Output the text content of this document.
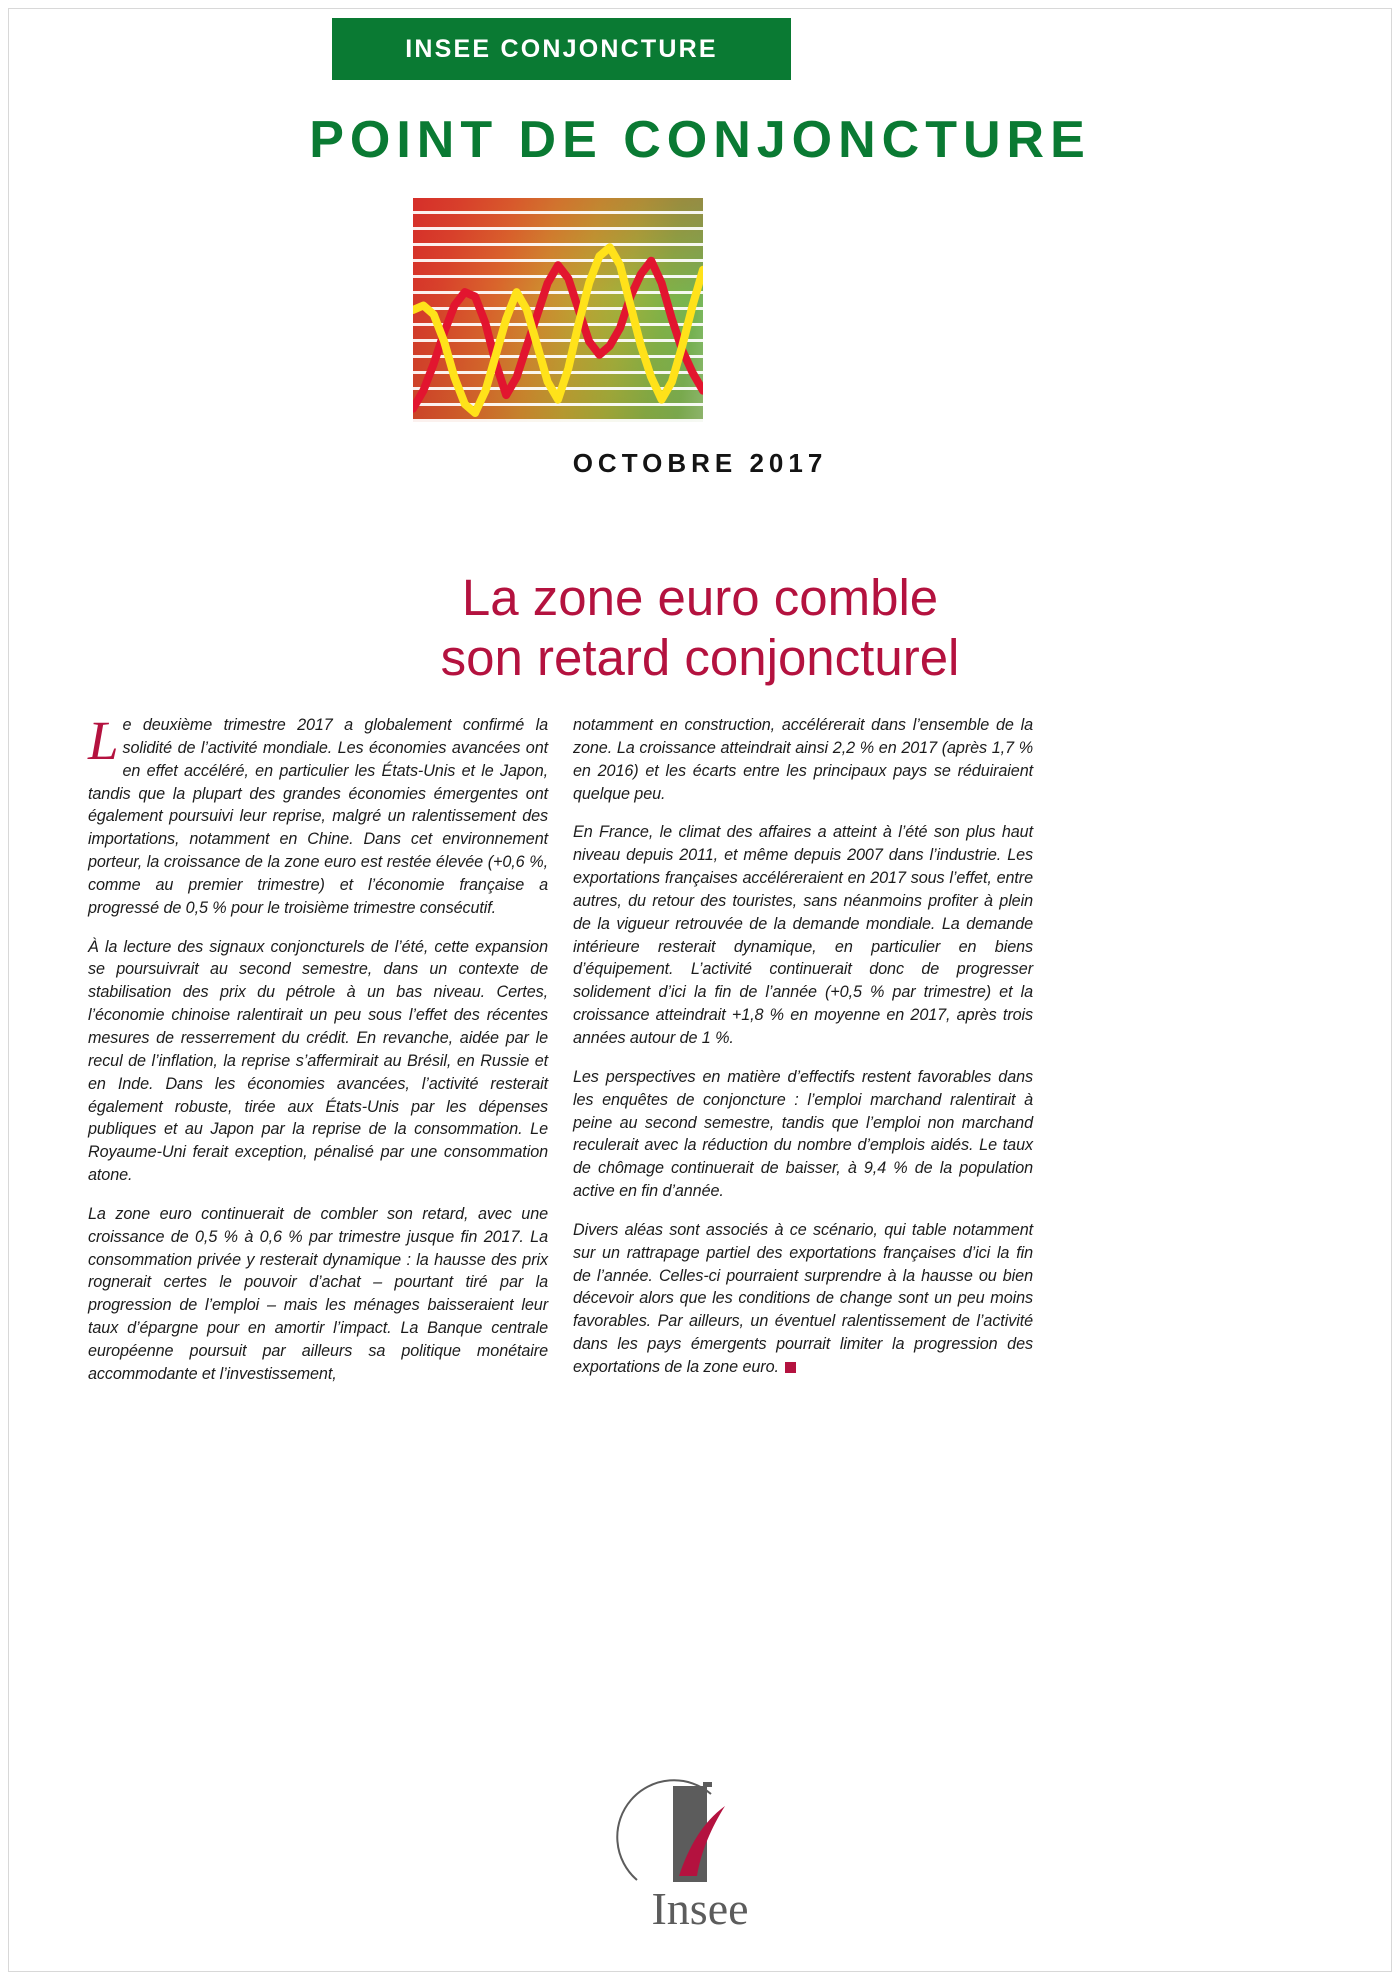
INSEE CONJONCTURE
POINT DE CONJONCTURE
OCTOBRE 2017
La zone euro comble
son retard conjoncturel

Le deuxième trimestre 2017 a globalement confirmé la solidité de l’activité mondiale. Les économies avancées ont en effet accéléré, en particulier les États-Unis et le Japon, tandis que la plupart des grandes économies émergentes ont également poursuivi leur reprise, malgré un ralentissement des importations, notamment en Chine. Dans cet environnement porteur, la croissance de la zone euro est restée élevée (+0,6 %, comme au premier trimestre) et l’économie française a progressé de 0,5 % pour le troisième trimestre consécutif.

À la lecture des signaux conjoncturels de l’été, cette expansion se poursuivrait au second semestre, dans un contexte de stabilisation des prix du pétrole à un bas niveau. Certes, l’économie chinoise ralentirait un peu sous l’effet des récentes mesures de resserrement du crédit. En revanche, aidée par le recul de l’inflation, la reprise s’affermirait au Brésil, en Russie et en Inde. Dans les économies avancées, l’activité resterait également robuste, tirée aux États-Unis par les dépenses publiques et au Japon par la reprise de la consommation. Le Royaume-Uni ferait exception, pénalisé par une consommation atone.

La zone euro continuerait de combler son retard, avec une croissance de 0,5 % à 0,6 % par trimestre jusque fin 2017. La consommation privée y resterait dynamique : la hausse des prix rognerait certes le pouvoir d’achat – pourtant tiré par la progression de l’emploi – mais les ménages baisseraient leur taux d’épargne pour en amortir l’impact. La Banque centrale européenne poursuit par ailleurs sa politique monétaire accommodante et l’investissement,

notamment en construction, accélérerait dans l’ensemble de la zone. La croissance atteindrait ainsi 2,2 % en 2017 (après 1,7 % en 2016) et les écarts entre les principaux pays se réduiraient quelque peu.

En France, le climat des affaires a atteint à l’été son plus haut niveau depuis 2011, et même depuis 2007 dans l’industrie. Les exportations françaises accéléreraient en 2017 sous l’effet, entre autres, du retour des touristes, sans néanmoins profiter à plein de la vigueur retrouvée de la demande mondiale. La demande intérieure resterait dynamique, en particulier en biens d’équipement. L’activité continuerait donc de progresser solidement d’ici la fin de l’année (+0,5 % par trimestre) et la croissance atteindrait +1,8 % en moyenne en 2017, après trois années autour de 1 %.

Les perspectives en matière d’effectifs restent favorables dans les enquêtes de conjoncture : l’emploi marchand ralentirait à peine au second semestre, tandis que l’emploi non marchand reculerait avec la réduction du nombre d’emplois aidés. Le taux de chômage continuerait de baisser, à 9,4 % de la population active en fin d’année.

Divers aléas sont associés à ce scénario, qui table notamment sur un rattrapage partiel des exportations françaises d’ici la fin de l’année. Celles-ci pourraient surprendre à la hausse ou bien décevoir alors que les conditions de change sont un peu moins favorables. Par ailleurs, un éventuel ralentissement de l’activité dans les pays émergents pourrait limiter la progression des exportations de la zone euro.

Insee
